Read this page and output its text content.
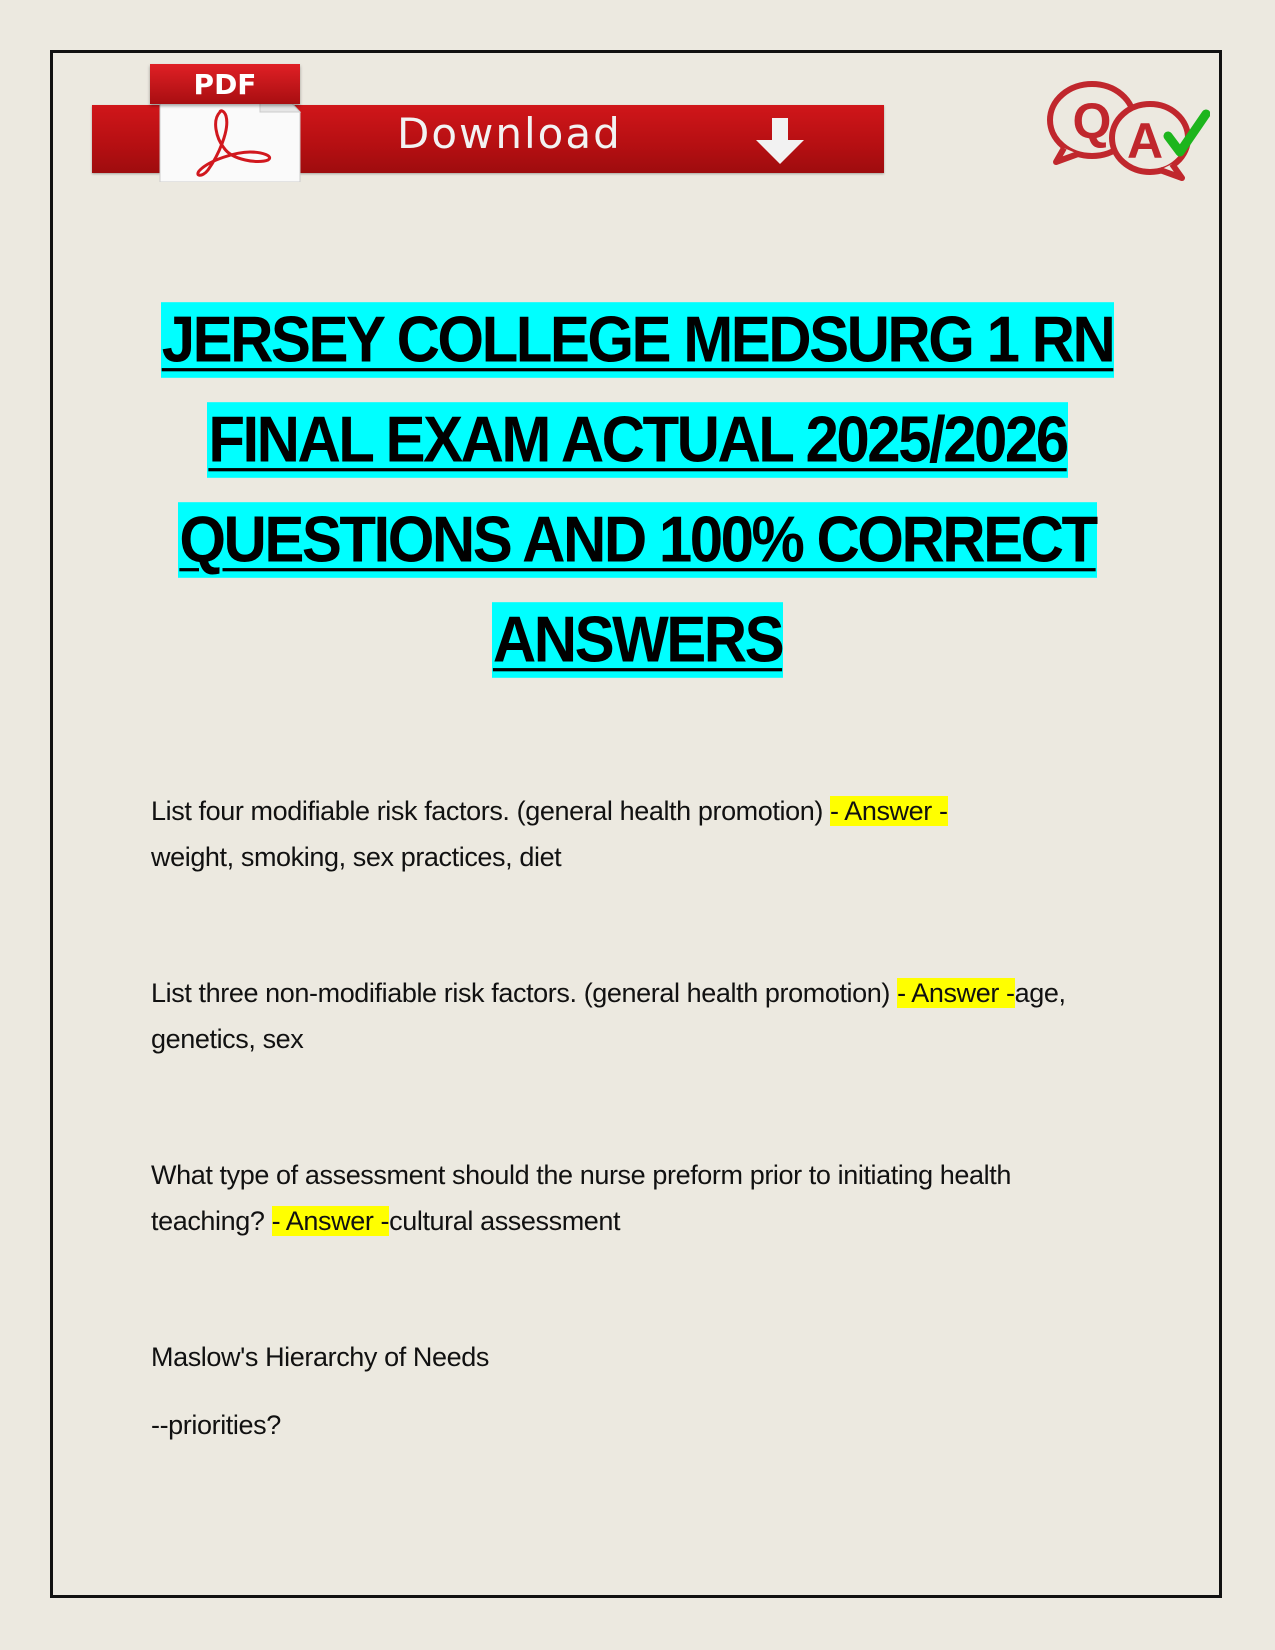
PDF
Download	Q A
JERSEY COLLEGE MEDSURG 1 RN
FINAL EXAM ACTUAL 2025/2026
QUESTIONS AND 100% CORRECT
ANSWERS
List four modifiable risk factors. (general health promotion) - Answer -
weight, smoking, sex practices, diet
List three non-modifiable risk factors. (general health promotion) - Answer -age, genetics, sex
What type of assessment should the nurse preform prior to initiating health teaching? - Answer -cultural assessment
Maslow's Hierarchy of Needs
--priorities?
